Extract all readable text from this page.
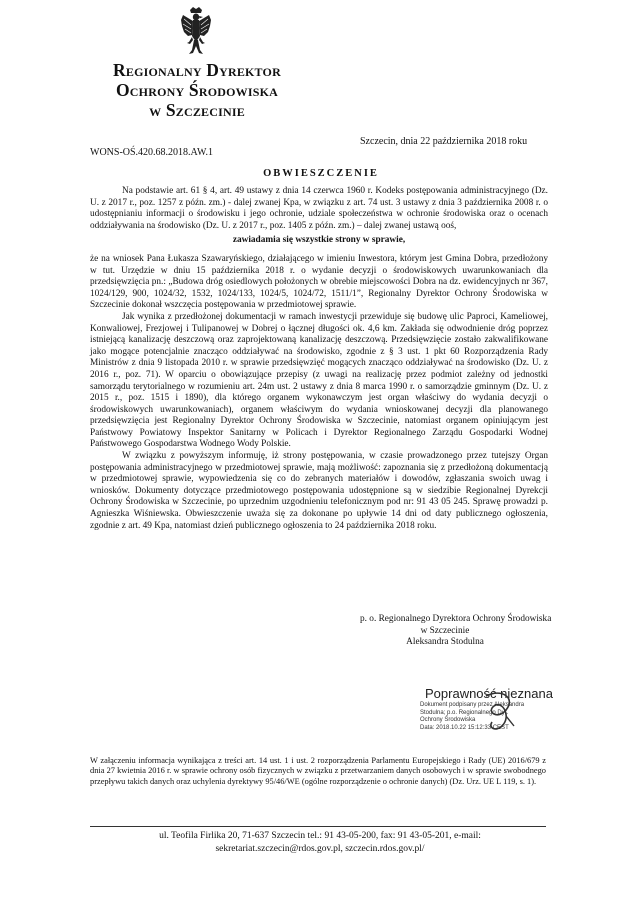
Regionalny Dyrektor
Ochrony Środowiska
w Szczecinie
Szczecin, dnia 22 października 2018 roku
WONS-OŚ.420.68.2018.AW.1
OBWIESZCZENIE

Na podstawie art. 61 § 4, art. 49 ustawy z dnia 14 czerwca 1960 r. Kodeks postępowania administracyjnego (Dz. U. z 2017 r., poz. 1257 z późn. zm.) - dalej zwanej Kpa, w związku z art. 74 ust. 3 ustawy z dnia 3 października 2008 r. o udostępnianiu informacji o środowisku i jego ochronie, udziale społeczeństwa w ochronie środowiska oraz o ocenach oddziaływania na środowisko (Dz. U. z 2017 r., poz. 1405 z późn. zm.) – dalej zwanej ustawą ooś,

zawiadamia się wszystkie strony w sprawie,

że na wniosek Pana Łukasza Szawaryńskiego, działającego w imieniu Inwestora, którym jest Gmina Dobra, przedłożony w tut. Urzędzie w dniu 15 października 2018 r. o wydanie decyzji o środowiskowych uwarunkowaniach dla przedsięwzięcia pn.: „Budowa dróg osiedlowych położonych w obrebie miejscowości Dobra na dz. ewidencyjnych nr 367, 1024/129, 900, 1024/32, 1532, 1024/133, 1024/5, 1024/72, 1511/1”, Regionalny Dyrektor Ochrony Środowiska w Szczecinie dokonał wszczęcia postępowania w przedmiotowej sprawie.

Jak wynika z przedłożonej dokumentacji w ramach inwestycji przewiduje się budowę ulic Paproci, Kameliowej, Konwaliowej, Frezjowej i Tulipanowej w Dobrej o łącznej długości ok. 4,6 km. Zakłada się odwodnienie dróg poprzez istniejącą kanalizację deszczową oraz zaprojektowaną kanalizację deszczową. Przedsięwzięcie zostało zakwalifikowane jako mogące potencjalnie znacząco oddziaływać na środowisko, zgodnie z § 3 ust. 1 pkt 60 Rozporządzenia Rady Ministrów z dnia 9 listopada 2010 r. w sprawie przedsięwzięć mogących znacząco oddziaływać na środowisko (Dz. U. z 2016 r., poz. 71). W oparciu o obowiązujące przepisy (z uwagi na realizację przez podmiot zależny od jednostki samorządu terytorialnego w rozumieniu art. 24m ust. 2 ustawy z dnia 8 marca 1990 r. o samorządzie gminnym (Dz. U. z 2015 r., poz. 1515 i 1890), dla którego organem wykonawczym jest organ właściwy do wydania decyzji o środowiskowych uwarunkowaniach), organem właściwym do wydania wnioskowanej decyzji dla planowanego przedsięwzięcia jest Regionalny Dyrektor Ochrony Środowiska w Szczecinie, natomiast organem opiniującym jest Państwowy Powiatowy Inspektor Sanitarny w Policach i Dyrektor Regionalnego Zarządu Gospodarki Wodnej Państwowego Gospodarstwa Wodnego Wody Polskie.

W związku z powyższym informuję, iż strony postępowania, w czasie prowadzonego przez tutejszy Organ postępowania administracyjnego w przedmiotowej sprawie, mają możliwość: zapoznania się z przedłożoną dokumentacją w przedmiotowej sprawie, wypowiedzenia się co do zebranych materiałów i dowodów, zgłaszania swoich uwag i wniosków. Dokumenty dotyczące przedmiotowego postępowania udostępnione są w siedzibie Regionalnej Dyrekcji Ochrony Środowiska w Szczecinie, po uprzednim uzgodnieniu telefonicznym pod nr: 91 43 05 245. Sprawę prowadzi p. Agnieszka Wiśniewska. Obwieszczenie uważa się za dokonane po upływie 14 dni od daty publicznego ogłoszenia, zgodnie z art. 49 Kpa, natomiast dzień publicznego ogłoszenia to 24 października 2018 roku.

p. o. Regionalnego Dyrektora Ochrony Środowiska
w Szczecinie
Aleksandra Stodulna
Poprawność nieznana
Dokument podpisany przez Aleksandra
Stodulna; p.o. Regionalnego Dyr.
Ochrony Środowiska
Data: 2018.10.22 15:12:33 CEST
W załączeniu informacja wynikająca z treści art. 14 ust. 1 i ust. 2 rozporządzenia Parlamentu Europejskiego i Rady (UE) 2016/679 z dnia 27 kwietnia 2016 r. w sprawie ochrony osób fizycznych w związku z przetwarzaniem danych osobowych i w sprawie swobodnego przepływu takich danych oraz uchylenia dyrektywy 95/46/WE (ogólne rozporządzenie o ochronie danych) (Dz. Urz. UE L 119, s. 1).
ul. Teofila Firlika 20, 71-637 Szczecin tel.: 91 43-05-200, fax: 91 43-05-201, e-mail:
sekretariat.szczecin@rdos.gov.pl, szczecin.rdos.gov.pl/
